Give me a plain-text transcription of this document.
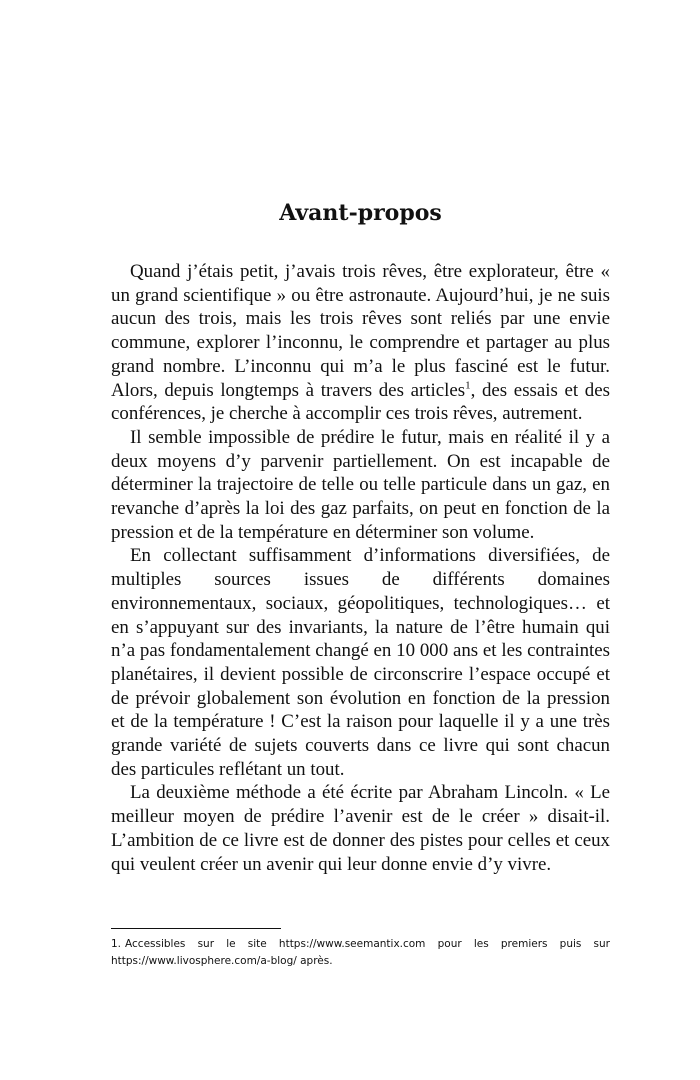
Avant-propos

Quand j’étais petit, j’avais trois rêves, être explorateur, être « un grand scientifique » ou être astronaute. Aujourd’hui, je ne suis aucun des trois, mais les trois rêves sont reliés par une envie commune, explorer l’inconnu, le comprendre et partager au plus grand nombre. L’inconnu qui m’a le plus fasciné est le futur. Alors, depuis longtemps à travers des articles$^1$, des essais et des conférences, je cherche à accomplir ces trois rêves, autrement.

Il semble impossible de prédire le futur, mais en réalité il y a deux moyens d’y parvenir partiellement. On est incapable de déterminer la trajectoire de telle ou telle particule dans un gaz, en revanche d’après la loi des gaz parfaits, on peut en fonction de la pression et de la température en déterminer son volume.

En collectant suffisamment d’informations diversifiées, de multiples sources issues de différents domaines environnementaux, sociaux, géopolitiques, technologiques… et en s’appuyant sur des invariants, la nature de l’être humain qui n’a pas fondamentalement changé en 10 000 ans et les contraintes planétaires, il devient possible de circonscrire l’espace occupé et de prévoir globalement son évolution en fonction de la pression et de la température ! C’est la raison pour laquelle il y a une très grande variété de sujets couverts dans ce livre qui sont chacun des particules reflétant un tout.

La deuxième méthode a été écrite par Abraham Lincoln. « Le meilleur moyen de prédire l’avenir est de le créer » disait-il. L’ambition de ce livre est de donner des pistes pour celles et ceux qui veulent créer un avenir qui leur donne envie d’y vivre.

1. Accessibles sur le site https://www.seemantix.com pour les premiers puis sur https://www.livosphere.com/a-blog/ après.
